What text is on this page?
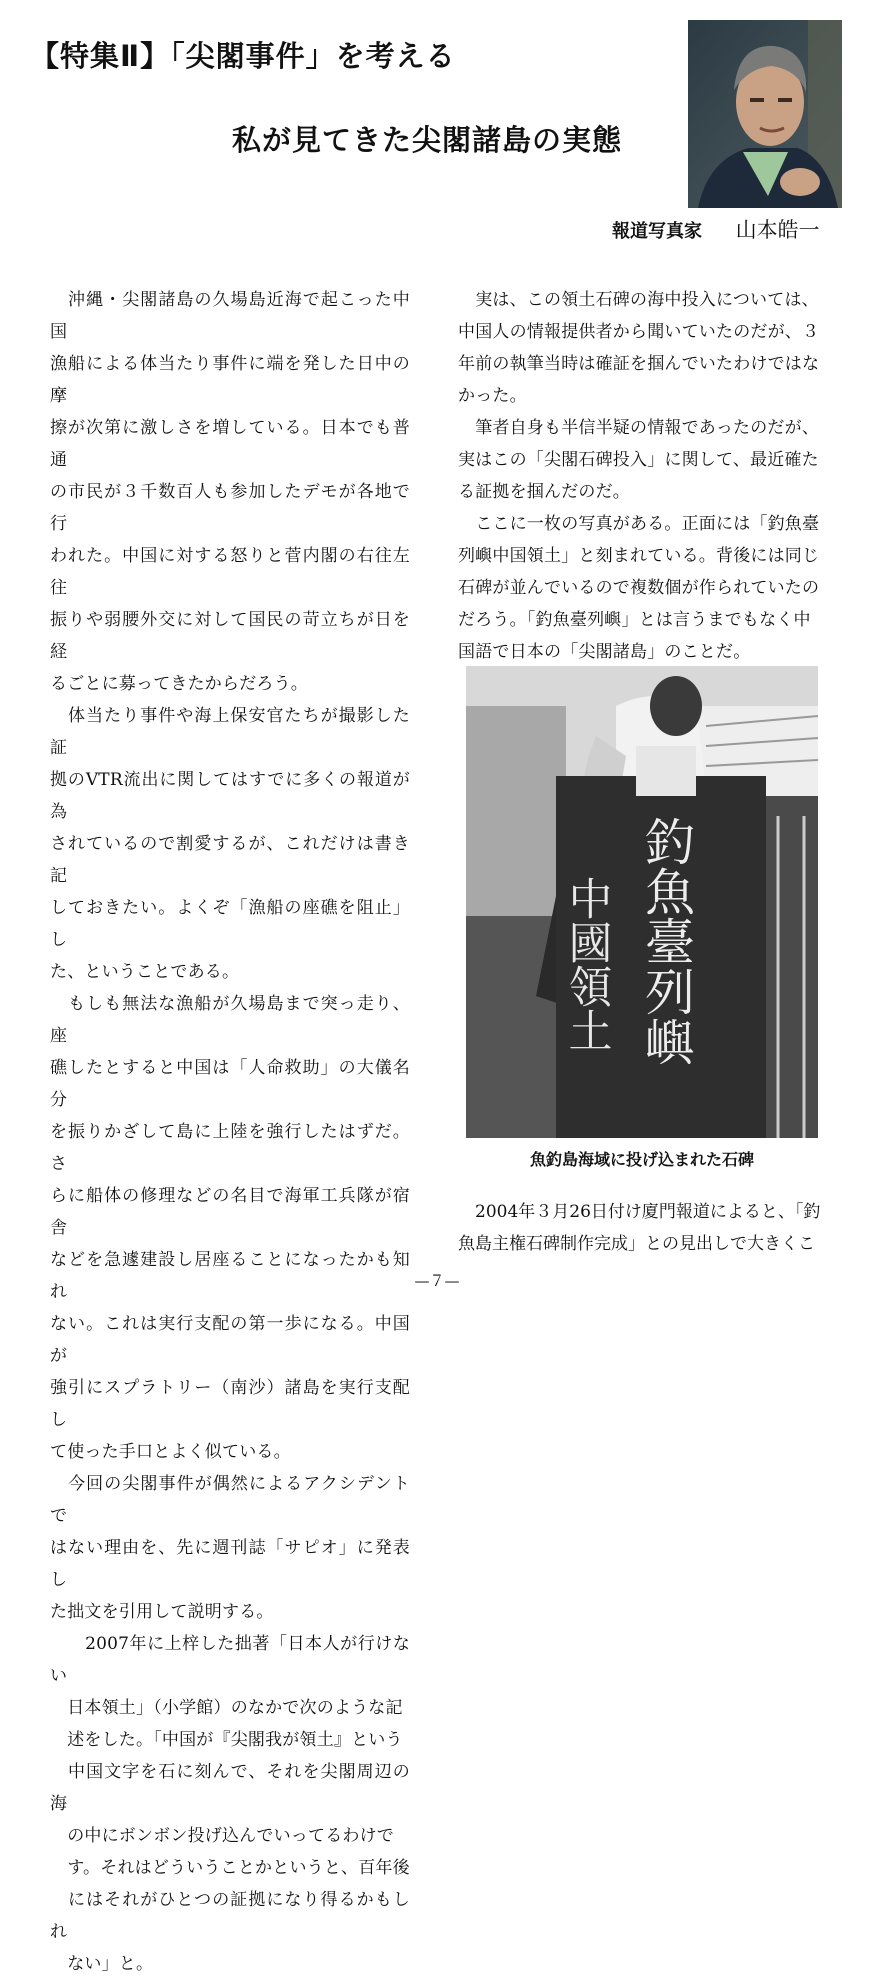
【特集Ⅱ】「尖閣事件」を考える
私が見てきた尖閣諸島の実態
報道写真家 山本皓一

　沖縄・尖閣諸島の久場島近海で起こった中国
漁船による体当たり事件に端を発した日中の摩
擦が次第に激しさを増している。日本でも普通
の市民が３千数百人も参加したデモが各地で行
われた。中国に対する怒りと菅内閣の右往左往
振りや弱腰外交に対して国民の苛立ちが日を経
るごとに募ってきたからだろう。

　体当たり事件や海上保安官たちが撮影した証
拠のVTR流出に関してはすでに多くの報道が為
されているので割愛するが、これだけは書き記
しておきたい。よくぞ「漁船の座礁を阻止」し
た、ということである。

　もしも無法な漁船が久場島まで突っ走り、座
礁したとすると中国は「人命救助」の大儀名分
を振りかざして島に上陸を強行したはずだ。さ
らに船体の修理などの名目で海軍工兵隊が宿舎
などを急遽建設し居座ることになったかも知れ
ない。これは実行支配の第一歩になる。中国が
強引にスプラトリー（南沙）諸島を実行支配し
て使った手口とよく似ている。

　今回の尖閣事件が偶然によるアクシデントで
はない理由を、先に週刊誌「サピオ」に発表し
た拙文を引用して説明する。

　　2007年に上梓した拙著「日本人が行けない
　日本領土」（小学館）のなかで次のような記
　述をした。「中国が『尖閣我が領土』という
　中国文字を石に刻んで、それを尖閣周辺の海
　の中にボンボン投げ込んでいってるわけで
　す。それはどういうことかというと、百年後
　にはそれがひとつの証拠になり得るかもしれ
　ない」と。

　実は、この領土石碑の海中投入については、
中国人の情報提供者から聞いていたのだが、３
年前の執筆当時は確証を掴んでいたわけではな
かった。

　筆者自身も半信半疑の情報であったのだが、
実はこの「尖閣石碑投入」に関して、最近確た
る証拠を掴んだのだ。

　ここに一枚の写真がある。正面には「釣魚臺
列嶼中国領土」と刻まれている。背後には同じ
石碑が並んでいるので複数個が作られていたの
だろう。「釣魚臺列嶼」とは言うまでもなく中
国語で日本の「尖閣諸島」のことだ。

中國領土 釣魚臺列嶼
魚釣島海域に投げ込まれた石碑

　2004年３月26日付け廈門報道によると、「釣
魚島主権石碑制作完成」との見出しで大きくこ

—７—
